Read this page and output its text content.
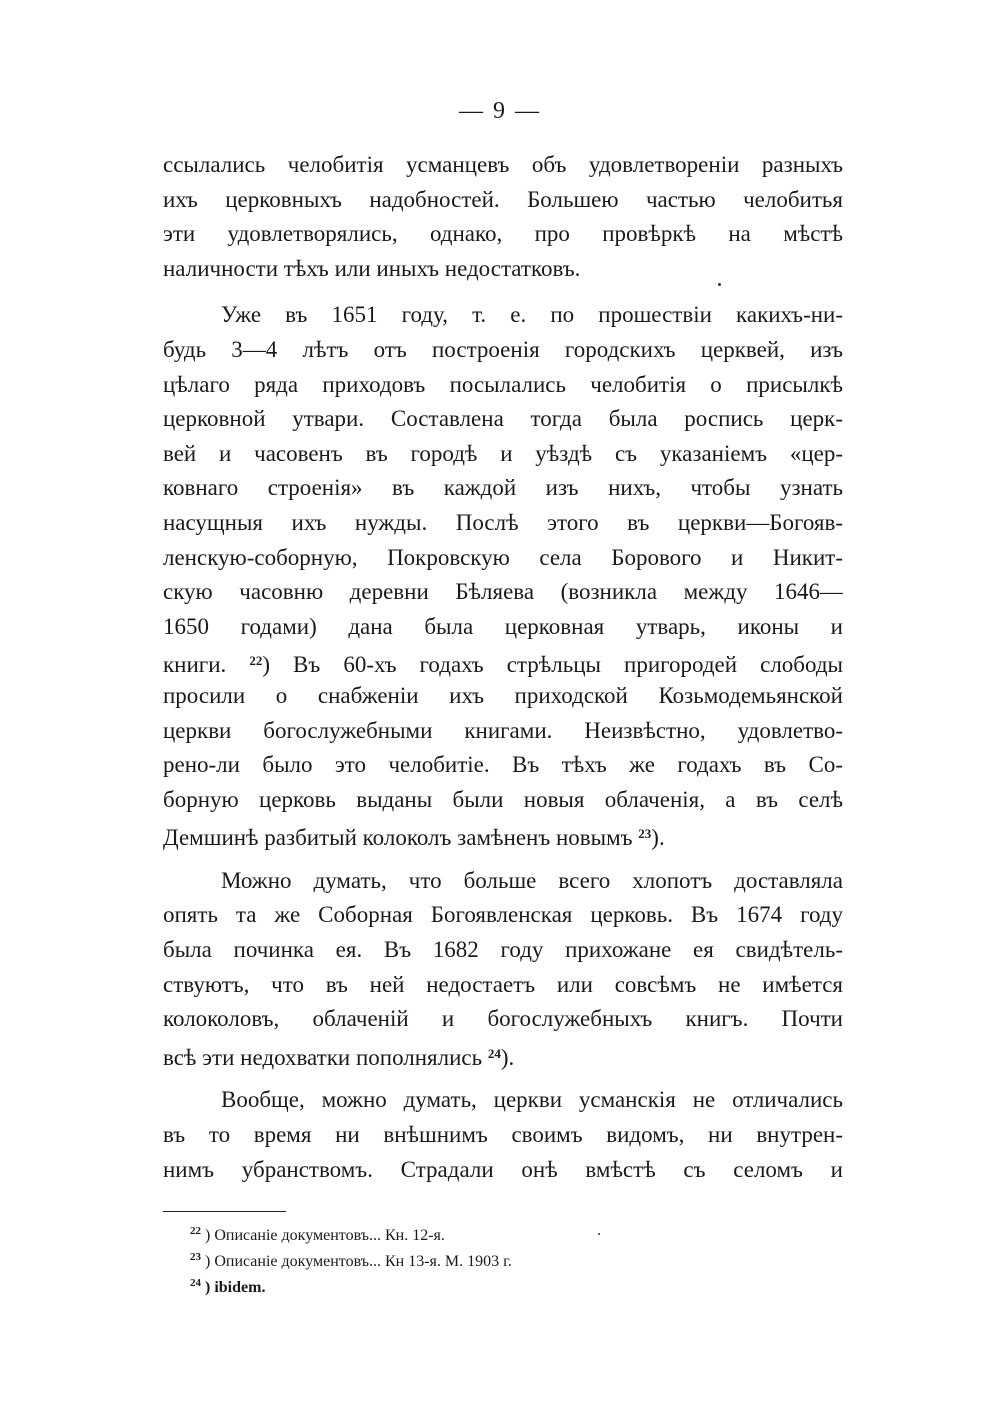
— 9 —
ссылались челобитія усманцевъ объ удовлетвореніи разныхъ
ихъ церковныхъ надобностей. Большею частью челобитья
эти удовлетворялись, однако, про провѣркѣ на мѣстѣ
наличности тѣхъ или иныхъ недостатковъ.
Уже въ 1651 году, т. е. по прошествіи какихъ-ни-
будь 3—4 лѣтъ отъ построенія городскихъ церквей, изъ
цѣлаго ряда приходовъ посылались челобитія о присылкѣ
церковной утвари. Составлена тогда была роспись церк-
вей и часовенъ въ городѣ и уѣздѣ съ указаніемъ «цер-
ковнаго строенія» въ каждой изъ нихъ, чтобы узнать
насущныя ихъ нужды. Послѣ этого въ церкви—Богояв-
ленскую-соборную, Покровскую села Борового и Никит-
скую часовню деревни Бѣляева (возникла между 1646—
1650 годами) дана была церковная утварь, иконы и
книги. $^{22}$) Въ 60-хъ годахъ стрѣльцы пригородей слободы
просили о снабженіи ихъ приходской Козьмодемьянской
церкви богослужебными книгами. Неизвѣстно, удовлетво-
рено-ли было это челобитіе. Въ тѣхъ же годахъ въ Со-
борную церковь выданы были новыя облаченія, а въ селѣ
Демшинѣ разбитый колоколъ замѣненъ новымъ $^{23}$).
Можно думать, что больше всего хлопотъ доставляла
опять та же Соборная Богоявленская церковь. Въ 1674 году
была починка ея. Въ 1682 году прихожане ея свидѣтель-
ствуютъ, что въ ней недостаетъ или совсѣмъ не имѣется
колоколовъ, облаченій и богослужебныхъ книгъ. Почти
всѣ эти недохватки пополнялись $^{24}$).
Вообще, можно думать, церкви усманскія не отличались
въ то время ни внѣшнимъ своимъ видомъ, ни внутрен-
нимъ убранствомъ. Страдали онѣ вмѣстѣ съ селомъ и
$^{22}$ ) Описаніе документовъ... Кн. 12-я.
$^{23}$ ) Описаніе документовъ... Кн 13-я. М. 1903 г.
$^{24}$ ) ibidem.
